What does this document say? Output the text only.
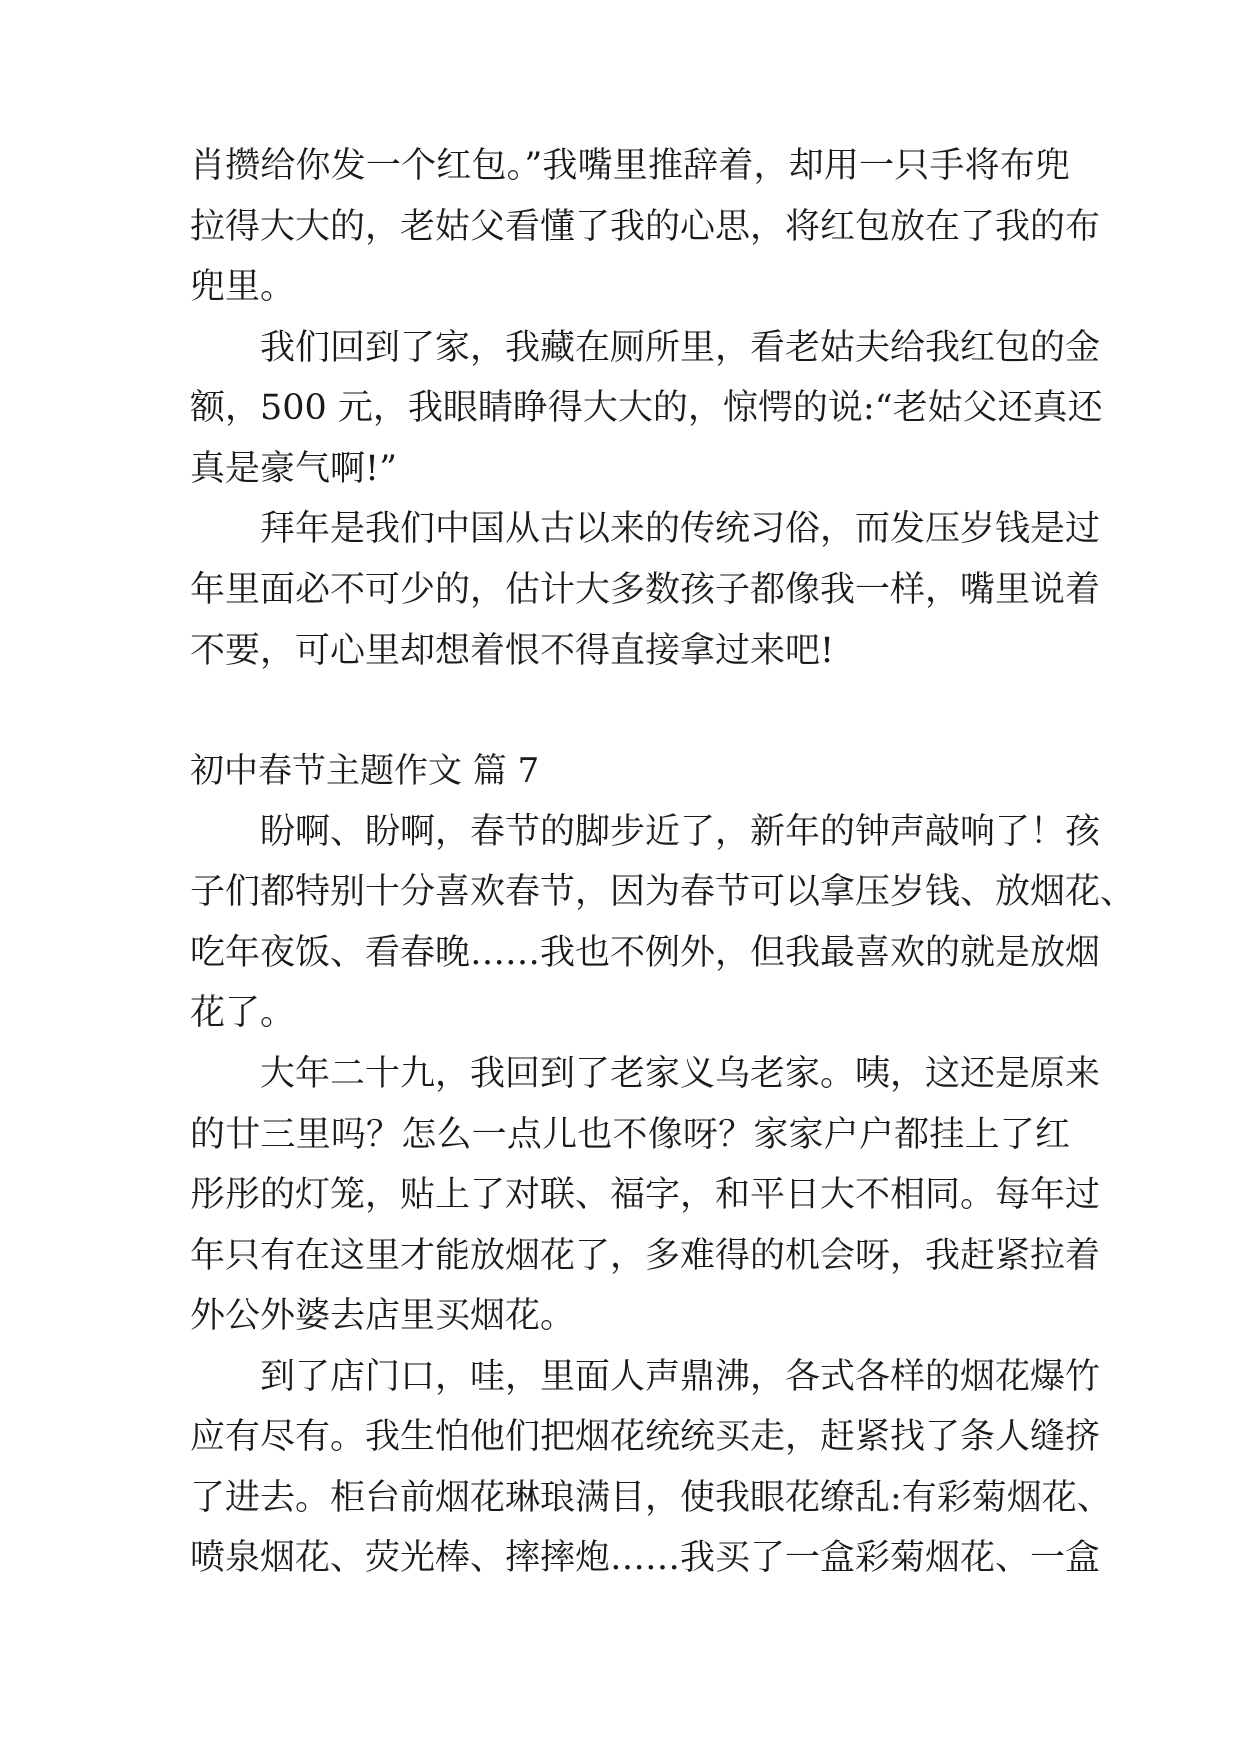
肖攒给你发一个红包。”我嘴里推辞着，却用一只手将布兜
拉得大大的，老姑父看懂了我的心思，将红包放在了我的布
兜里。
我们回到了家，我藏在厕所里，看老姑夫给我红包的金
额，500 元，我眼睛睁得大大的，惊愕的说:“老姑父还真还
真是豪气啊!”
拜年是我们中国从古以来的传统习俗，而发压岁钱是过
年里面必不可少的，估计大多数孩子都像我一样，嘴里说着
不要，可心里却想着恨不得直接拿过来吧!
初中春节主题作文 篇 7
盼啊、盼啊，春节的脚步近了，新年的钟声敲响了！孩
子们都特别十分喜欢春节，因为春节可以拿压岁钱、放烟花、
吃年夜饭、看春晚……我也不例外，但我最喜欢的就是放烟
花了。
大年二十九，我回到了老家义乌老家。咦，这还是原来
的廿三里吗？怎么一点儿也不像呀？家家户户都挂上了红
彤彤的灯笼，贴上了对联、福字，和平日大不相同。每年过
年只有在这里才能放烟花了，多难得的机会呀，我赶紧拉着
外公外婆去店里买烟花。
到了店门口，哇，里面人声鼎沸，各式各样的烟花爆竹
应有尽有。我生怕他们把烟花统统买走，赶紧找了条人缝挤
了进去。柜台前烟花琳琅满目，使我眼花缭乱:有彩菊烟花、
喷泉烟花、荧光棒、摔摔炮……我买了一盒彩菊烟花、一盒
